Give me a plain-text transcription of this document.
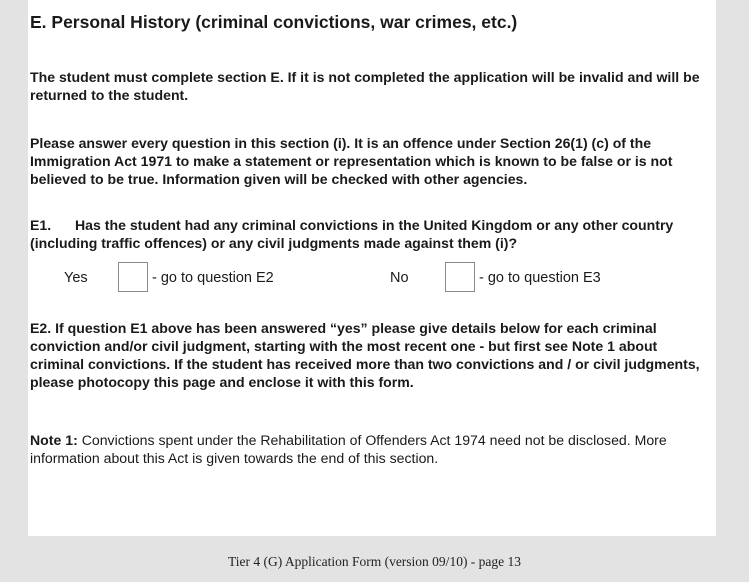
E. Personal History (criminal convictions, war crimes, etc.)

The student must complete section E. If it is not completed the application will be invalid and will be returned to the student.

Please answer every question in this section (i). It is an offence under Section 26(1) (c) of the Immigration Act 1971 to make a statement or representation which is known to be false or is not believed to be true. Information given will be checked with other agencies.

E1. Has the student had any criminal convictions in the United Kingdom or any other country (including traffic offences) or any civil judgments made against them (i)?

Yes	- go to question E2	No	- go to question E3

E2. If question E1 above has been answered “yes” please give details below for each criminal conviction and/or civil judgment, starting with the most recent one - but first see Note 1 about criminal convictions. If the student has received more than two convictions and / or civil judgments, please photocopy this page and enclose it with this form.

Note 1: Convictions spent under the Rehabilitation of Offenders Act 1974 need not be disclosed. More information about this Act is given towards the end of this section.

Tier 4 (G) Application Form (version 09/10) - page 13
